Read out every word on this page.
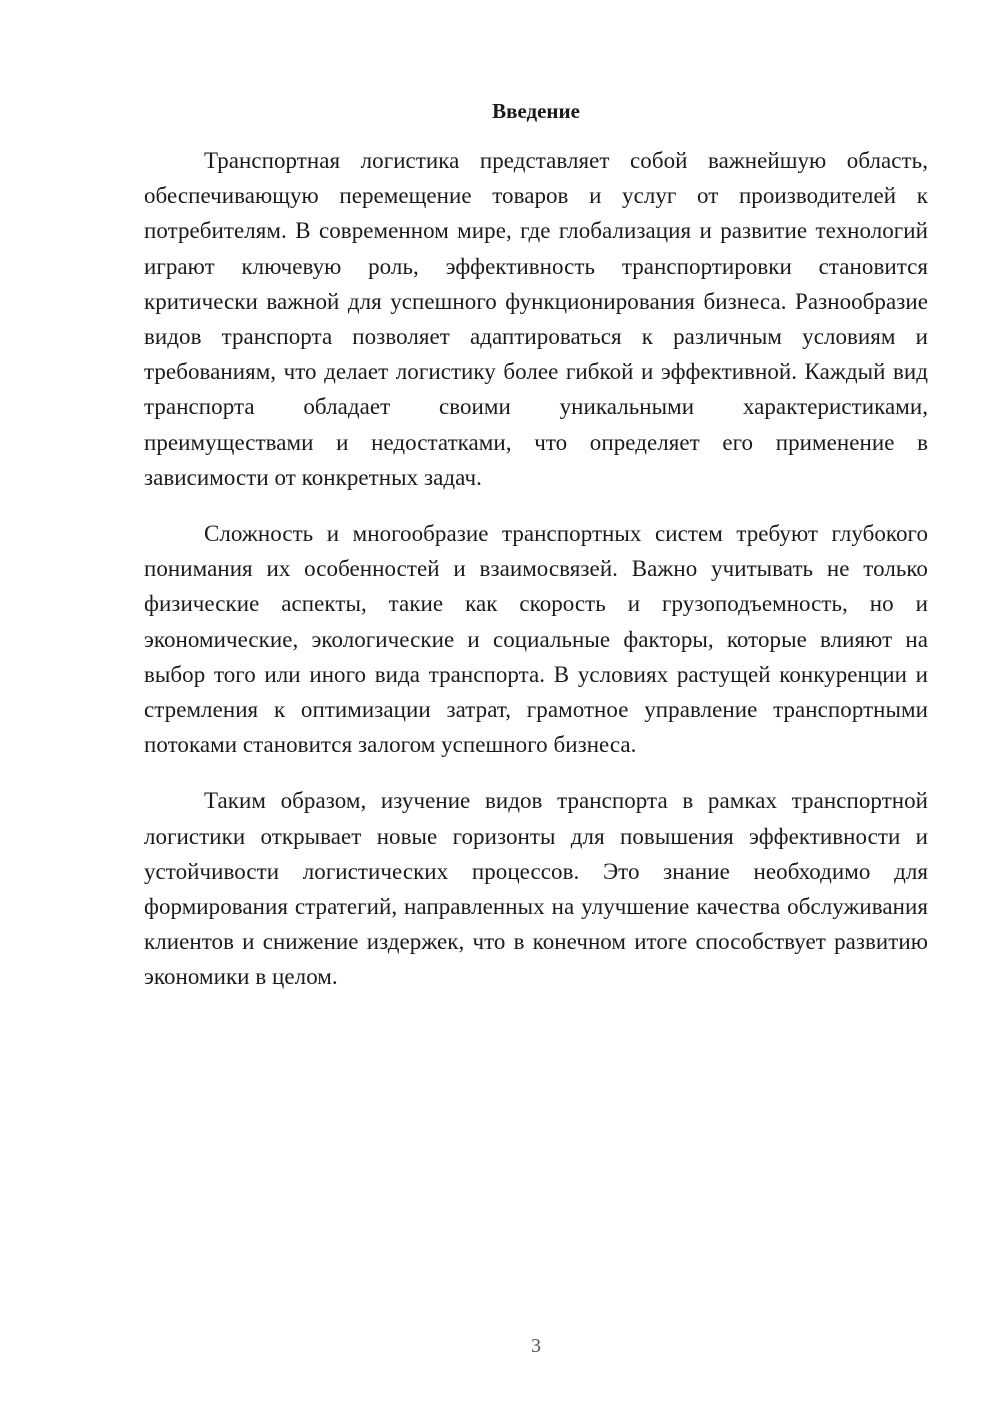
Введение

Транспортная логистика представляет собой важнейшую область, обеспечивающую перемещение товаров и услуг от производителей к потребителям. В современном мире, где глобализация и развитие технологий играют ключевую роль, эффективность транспортировки становится критически важной для успешного функционирования бизнеса. Разнообразие видов транспорта позволяет адаптироваться к различным условиям и требованиям, что делает логистику более гибкой и эффективной. Каждый вид транспорта обладает своими уникальными характеристиками, преимуществами и недостатками, что определяет его применение в зависимости от конкретных задач.

Сложность и многообразие транспортных систем требуют глубокого понимания их особенностей и взаимосвязей. Важно учитывать не только физические аспекты, такие как скорость и грузоподъемность, но и экономические, экологические и социальные факторы, которые влияют на выбор того или иного вида транспорта. В условиях растущей конкуренции и стремления к оптимизации затрат, грамотное управление транспортными потоками становится залогом успешного бизнеса.

Таким образом, изучение видов транспорта в рамках транспортной логистики открывает новые горизонты для повышения эффективности и устойчивости логистических процессов. Это знание необходимо для формирования стратегий, направленных на улучшение качества обслуживания клиентов и снижение издержек, что в конечном итоге способствует развитию экономики в целом.

3
